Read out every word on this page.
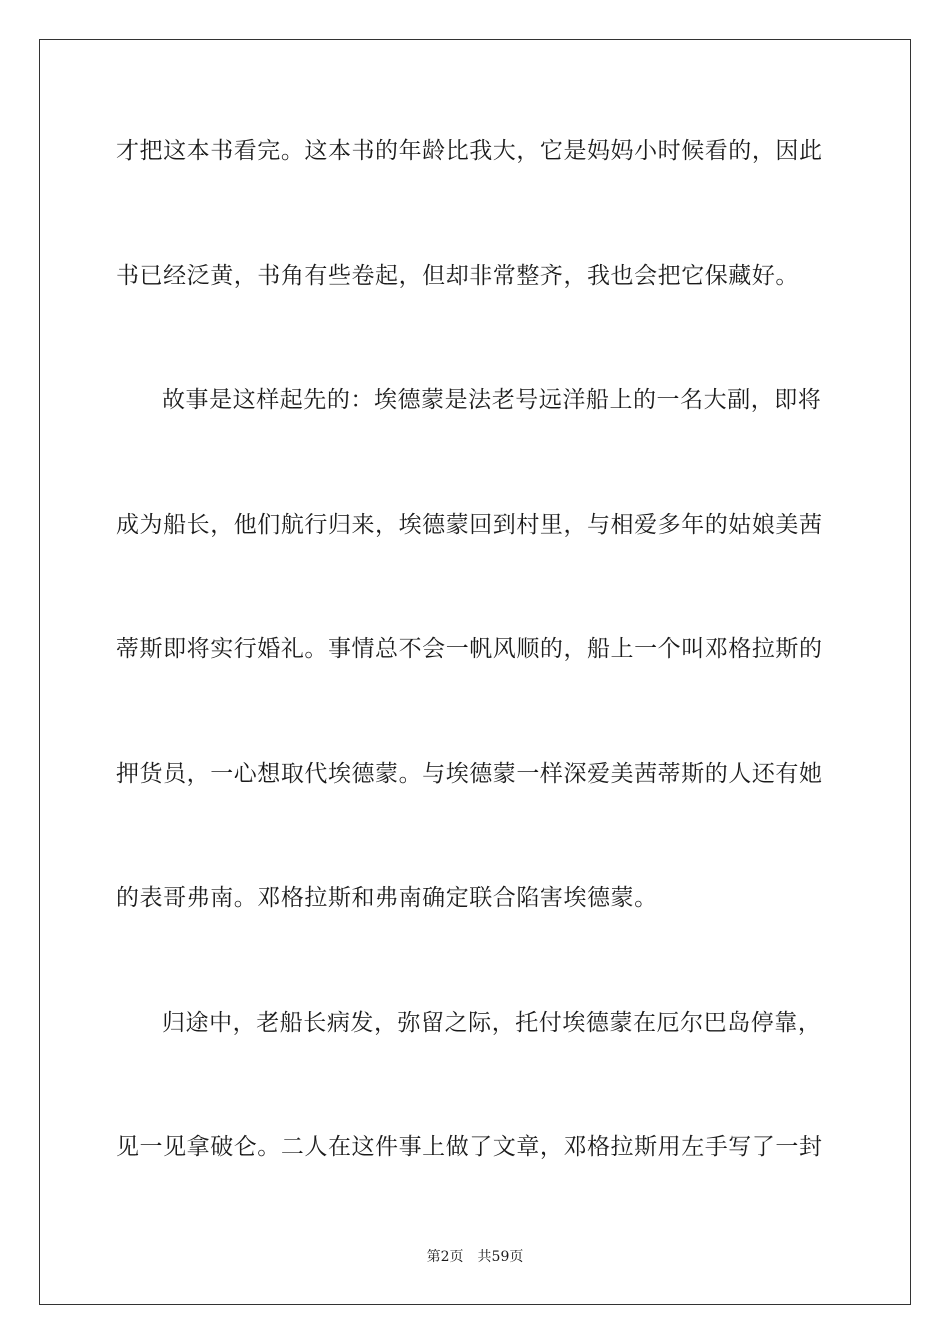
才把这本书看完。这本书的年龄比我大，它是妈妈小时候看的，因此
书已经泛黄，书角有些卷起，但却非常整齐，我也会把它保藏好。
故事是这样起先的：埃德蒙是法老号远洋船上的一名大副，即将
成为船长，他们航行归来，埃德蒙回到村里，与相爱多年的姑娘美茜
蒂斯即将实行婚礼。事情总不会一帆风顺的，船上一个叫邓格拉斯的
押货员，一心想取代埃德蒙。与埃德蒙一样深爱美茜蒂斯的人还有她
的表哥弗南。邓格拉斯和弗南确定联合陷害埃德蒙。
归途中，老船长病发，弥留之际，托付埃德蒙在厄尔巴岛停靠，
见一见拿破仑。二人在这件事上做了文章，邓格拉斯用左手写了一封
第2页 共59页
